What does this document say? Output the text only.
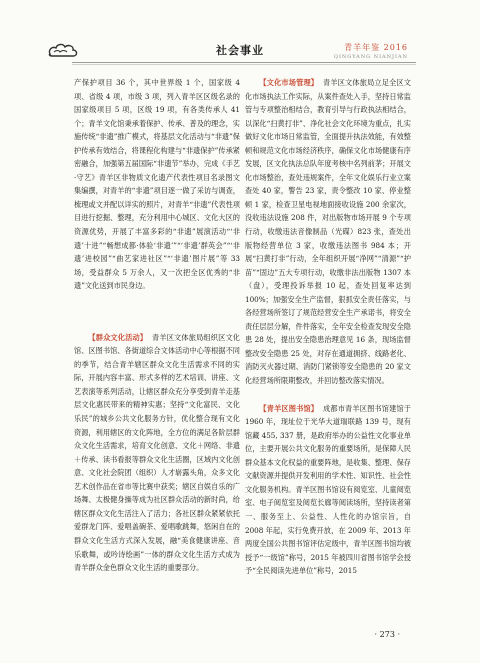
社会事业	青羊年鉴 2016
QINGYANG NIANJIAN

产保护项目 36 个，其中世界级 1 个，国家级 4 项、省级 4 项，市级 3 项，列入青羊区区级名录的国家级项目 5 项，区级 19 项，有各类传承人 41 个；青羊文化馆秉承着保护、传承、普及的理念，实施传统“非遗”推广模式，将基层文化活动与“非遗”保护传承有效结合，将课程化构建与“非遗保护”传承紧密融合，加强第五届国际“非遗节”举办，完成《手艺·守艺》青羊区非物质文化遗产代表性项目名录图文集编撰，对青羊的“非遗”项目逐一做了采访与调查，梳理或文并配以详实的照片，对青羊“非遗”代表性项目进行挖掘、整理，充分利用中心城区、文化大区的资源优势，开展了丰富多彩的“非遗”展演活动“‘非遗’十进”“畅想成都·体验‘非遗’”“‘非遗’群英会”“‘非遗’进校园”“曲艺家进社区”“‘非遗’图片展”等 33 场，受益群众 5 万余人，又一次把全区优秀的“非遗”文化送到市民身边。

【群众文化活动】 青羊区文体旅局组织区文化馆、区图书馆、各街道综合文体活动中心等根据不同的季节，结合青羊辖区群众文化生活需求不同的实际，开展内容丰富、形式多样的艺术培训、讲座、文艺表演等系列活动，让辖区群众充分享受到青羊走基层文化惠民带来的精神实惠；坚持“文化富民、文化乐民”的城乡公共文化服务方针，优化整合现有文化资源，利用辖区的文化阵地，全方位的满足各阶层群众文化生活需求，培育文化创意、文化＋网络、非遗＋传承、读书看报等群众文化生活圈，区域内文化创意、文化社会院团（组织）人才崭露头角，众多文化艺术创作品在省市等比赛中获奖；辖区自娱自乐的广场舞、太极健身操等成为社区群众活动的新时尚，给辖区群众文化生活注入了活力；各社区群众紧紧依托爱群龙门阵、爱唱盖碗茶、爱唱歌跳舞，悠闲自在的群众文化生活方式深入发展，融“美食健康讲座、音乐歌舞，或吟诗绘画”一体的群众文化生活方式成为青羊群众金色群众文化生活的重要部分。

【文化市场管理】 青羊区文体旅局立足全区文化市场执法工作实际，从案件查处入手，坚持日常监管与专项整治相结合，教育引导与行政执法相结合，以深化“扫黄打非”、净化社会文化环境为重点，扎实做好文化市场日常监管，全面提升执法效能，有效整顿和规范文化市场经济秩序，确保文化市场健康有序发展，区文化执法总队年度考核中名列前茅；开展文化市场整治，查处违规案件，全年文化娱乐行业立案查处 40 家，警告 23 家，责令整改 10 家、停业整顿 1 家，检查卫星电视地面接收设施 200 余家次，没收违法设施 208 件，对出版物市场开展 9 个专项行动，收缴违法音像制品（光碟）823 张，查处出版物经营单位 3 家，收缴违法图书 984 本；开展“扫黄打非”行动，全年组织开展“净网”“清源”“护苗”“固边”五大专项行动，收缴非法出版物 1307 本（盘），受理投诉举报 10 起，查处回复率达到 100%；加强安全生产监督，狠抓安全责任落实，与各经营场所签订了规范经营安全生产承诺书，将安全责任层层分解，件件落实，全年安全检查发现安全隐患 28 处，提出安全隐患治理意见 16 条，现场监督整改安全隐患 25 处，对存在通道拥挤、线路老化、消防灭火器过期、消防门紧锁等安全隐患的 20 家文化经营场所限期整改，并回访整改落实情况。

【青羊区图书馆】 成都市青羊区图书馆建馆于 1960 年，现址位于光华大道瑞联路 139 号，现有馆藏 455, 337 册，是政府举办的公益性文化事业单位，主要开展公共文化服务的重要场所，是保障人民群众基本文化权益的重要阵地，是收集、整理、保存文献资源并提供开发利用的学术性、知识性、社会性文化服务机构。青羊区图书馆设有阅览室、儿童阅览室、电子阅览室及阅览长廊等阅读场所，坚持读者第一、服务至上、公益性、人性化的办馆宗旨，自 2008 年起，实行免费开放，在 2009 年、2013 年两度全国公共图书馆评估定级中，青羊区图书馆均被授予“一级馆”称号，2015 年被四川省图书馆学会授予“全民阅读先进单位”称号，2015

· 273 ·
